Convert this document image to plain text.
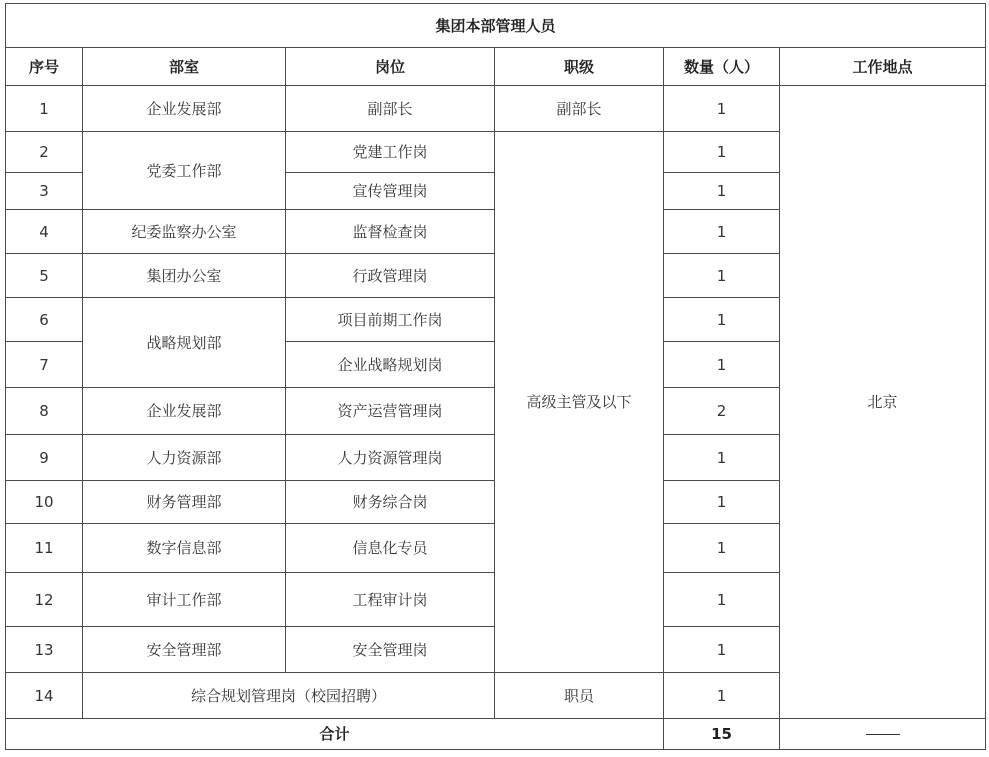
集团本部管理人员					
序号	部室	岗位	职级	数量（人）	工作地点
1	企业发展部	副部长	副部长	1	北京
2	党委工作部	党建工作岗	高级主管及以下	1	
3		宣传管理岗		1	
4	纪委监察办公室	监督检查岗		1	
5	集团办公室	行政管理岗		1	
6	战略规划部	项目前期工作岗		1	
7		企业战略规划岗		1	
8	企业发展部	资产运营管理岗		2	
9	人力资源部	人力资源管理岗		1	
10	财务管理部	财务综合岗		1	
11	数字信息部	信息化专员		1	
12	审计工作部	工程审计岗		1	
13	安全管理部	安全管理岗		1	
14	综合规划管理岗（校园招聘）		职员	1	
合计				15	
